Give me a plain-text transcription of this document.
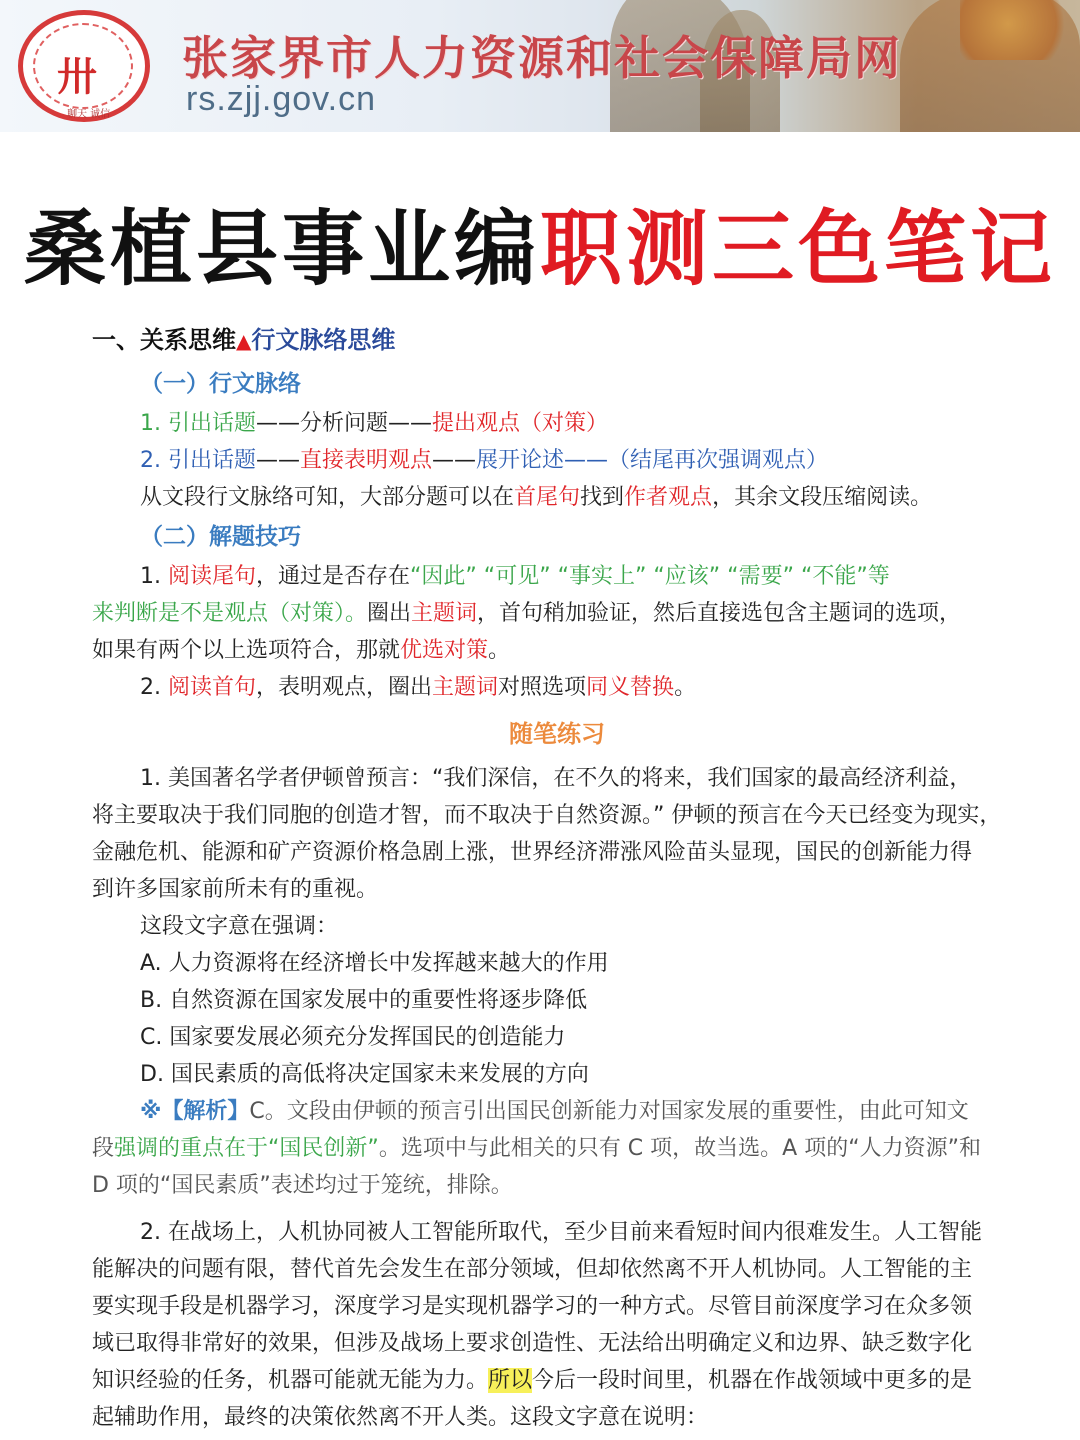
卅
聊天 诚信
张家界市人力资源和社会保障局网
rs.zjj.gov.cn
桑植县事业编职测三色笔记
一、关系思维▲行文脉络思维
（一）行文脉络
1. 引出话题——分析问题——提出观点（对策）
2. 引出话题——直接表明观点——展开论述——（结尾再次强调观点）
从文段行文脉络可知，大部分题可以在首尾句找到作者观点，其余文段压缩阅读。
（二）解题技巧
1. 阅读尾句，通过是否存在“因此” “可见” “事实上” “应该” “需要” “不能”等
来判断是不是观点（对策）。圈出主题词，首句稍加验证，然后直接选包含主题词的选项，
如果有两个以上选项符合，那就优选对策。
2. 阅读首句，表明观点，圈出主题词对照选项同义替换。
随笔练习
1. 美国著名学者伊顿曾预言：“我们深信，在不久的将来，我们国家的最高经济利益，
将主要取决于我们同胞的创造才智，而不取决于自然资源。” 伊顿的预言在今天已经变为现实，
金融危机、能源和矿产资源价格急剧上涨，世界经济滞涨风险苗头显现，国民的创新能力得
到许多国家前所未有的重视。
这段文字意在强调：
A. 人力资源将在经济增长中发挥越来越大的作用
B. 自然资源在国家发展中的重要性将逐步降低
C. 国家要发展必须充分发挥国民的创造能力
D. 国民素质的高低将决定国家未来发展的方向
※【解析】C。文段由伊顿的预言引出国民创新能力对国家发展的重要性，由此可知文
段强调的重点在于“国民创新”。选项中与此相关的只有 C 项，故当选。A 项的“人力资源”和
D 项的“国民素质”表述均过于笼统，排除。
2. 在战场上，人机协同被人工智能所取代，至少目前来看短时间内很难发生。人工智能
能解决的问题有限，替代首先会发生在部分领域，但却依然离不开人机协同。人工智能的主
要实现手段是机器学习，深度学习是实现机器学习的一种方式。尽管目前深度学习在众多领
域已取得非常好的效果，但涉及战场上要求创造性、无法给出明确定义和边界、缺乏数字化
知识经验的任务，机器可能就无能为力。所以今后一段时间里，机器在作战领域中更多的是
起辅助作用，最终的决策依然离不开人类。这段文字意在说明：
